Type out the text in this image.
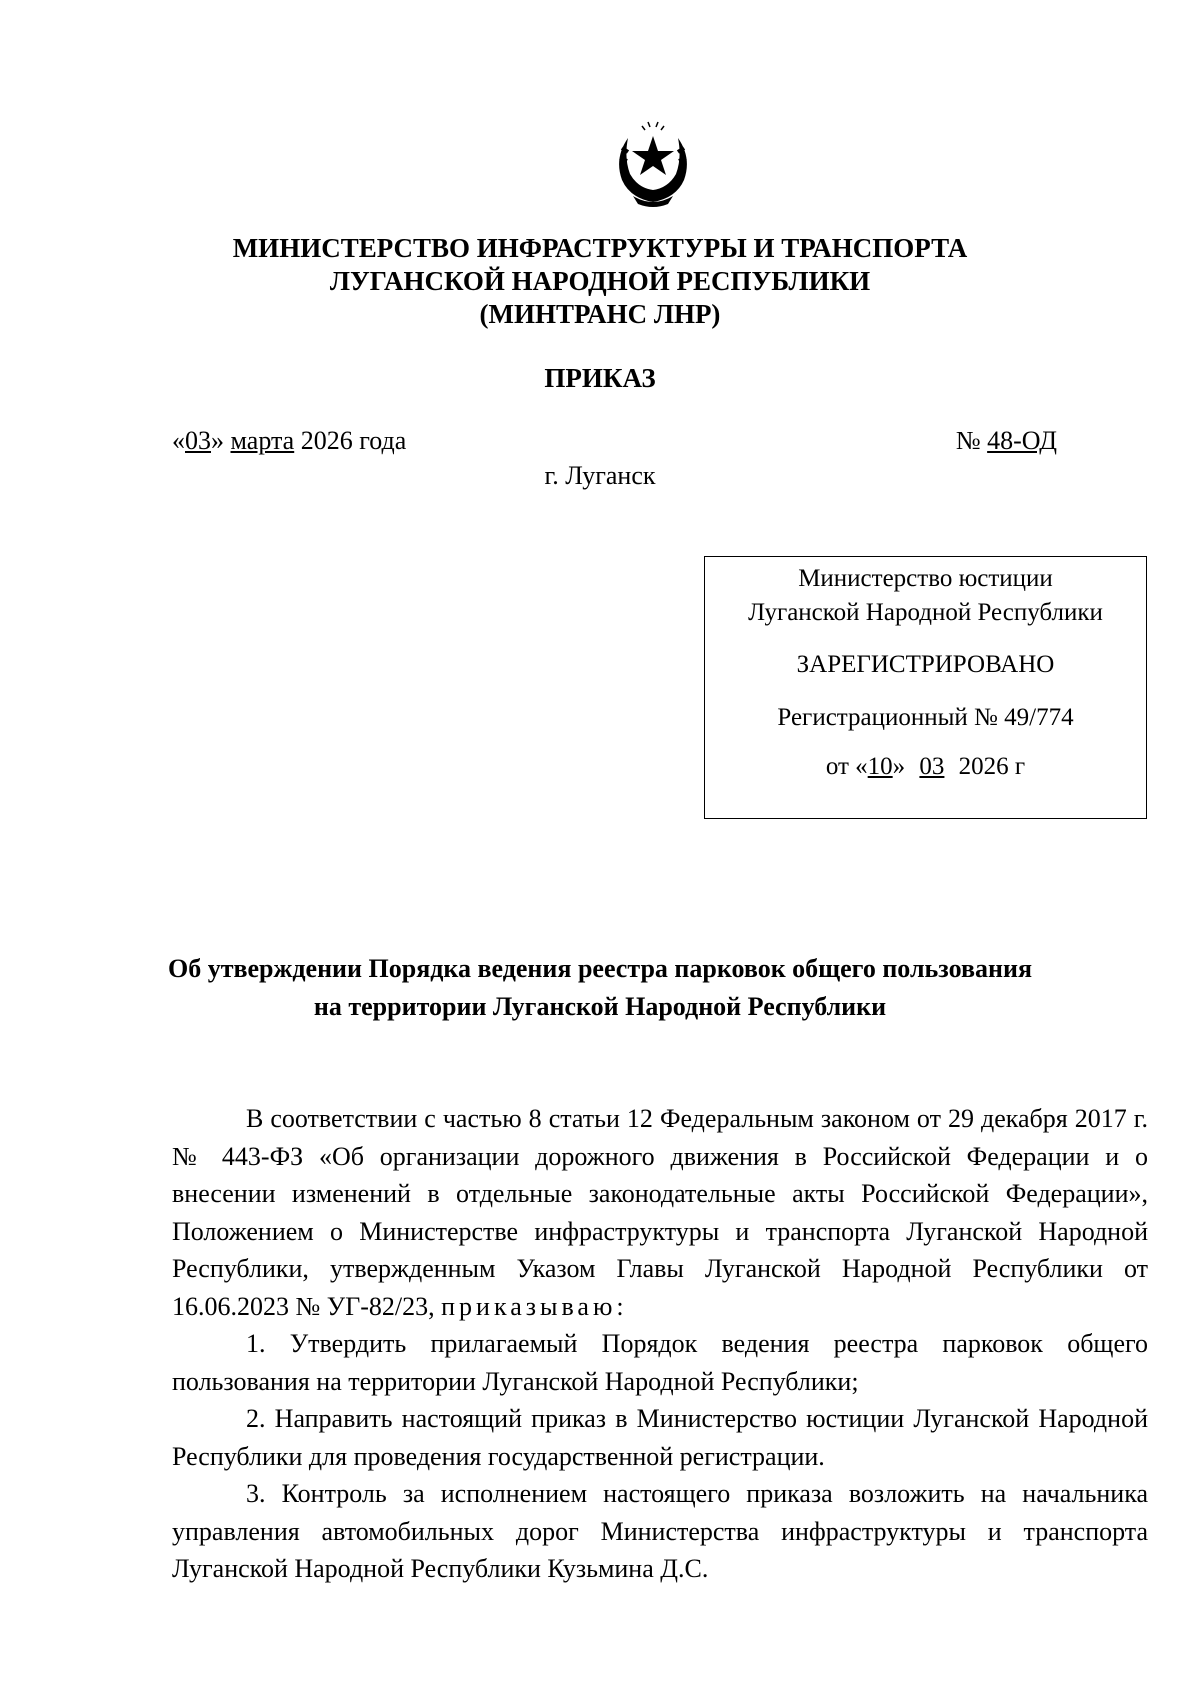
МИНИСТЕРСТВО ИНФРАСТРУКТУРЫ И ТРАНСПОРТА
ЛУГАНСКОЙ НАРОДНОЙ РЕСПУБЛИКИ
(МИНТРАНС ЛНР)
ПРИКАЗ
«03» марта 2026 года	№ 48-ОД
г. Луганск
Министерство юстиции
Луганской Народной Республики
ЗАРЕГИСТРИРОВАНО
Регистрационный № 49/774
от «10» 03 2026 г
Об утверждении Порядка ведения реестра парковок общего пользования
на территории Луганской Народной Республики

В соответствии с частью 8 статьи 12 Федеральным законом от 29 декабря 2017 г. № 443-ФЗ «Об организации дорожного движения в Российской Федерации и о внесении изменений в отдельные законодательные акты Российской Федерации», Положением о Министерстве инфраструктуры и транспорта Луганской Народной Республики, утвержденным Указом Главы Луганской Народной Республики от 16.06.2023 № УГ-82/23, приказываю:

1. Утвердить прилагаемый Порядок ведения реестра парковок общего пользования на территории Луганской Народной Республики;

2. Направить настоящий приказ в Министерство юстиции Луганской Народной Республики для проведения государственной регистрации.

3. Контроль за исполнением настоящего приказа возложить на начальника управления автомобильных дорог Министерства инфраструктуры и транспорта Луганской Народной Республики Кузьмина Д.С.
